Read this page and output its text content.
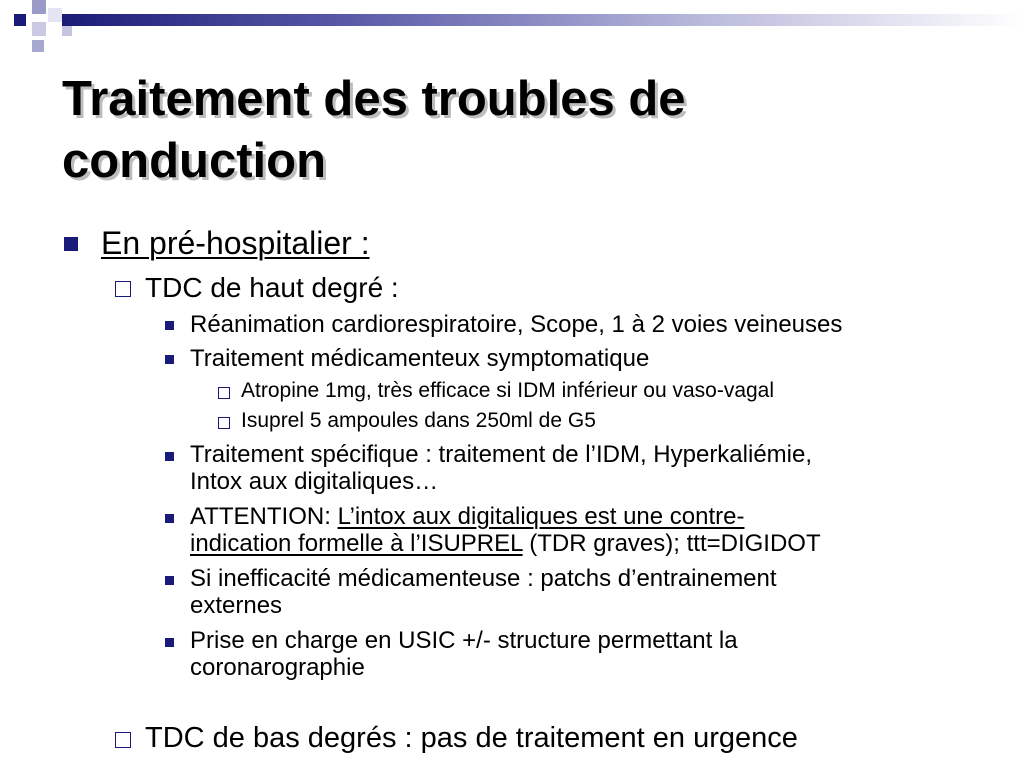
Traitement des troubles de
conduction
En pré-hospitalier :
TDC de haut degré :
Réanimation cardiorespiratoire, Scope, 1 à 2 voies veineuses
Traitement médicamenteux symptomatique
Atropine 1mg, très efficace si IDM inférieur ou vaso-vagal
Isuprel 5 ampoules dans 250ml de G5
Traitement spécifique : traitement de l’IDM, Hyperkaliémie,
Intox aux digitaliques…
ATTENTION: L’intox aux digitaliques est une contre-
indication formelle à l’ISUPREL (TDR graves); ttt=DIGIDOT
Si inefficacité médicamenteuse : patchs d’entrainement
externes
Prise en charge en USIC +/- structure permettant la
coronarographie
TDC de bas degrés : pas de traitement en urgence
